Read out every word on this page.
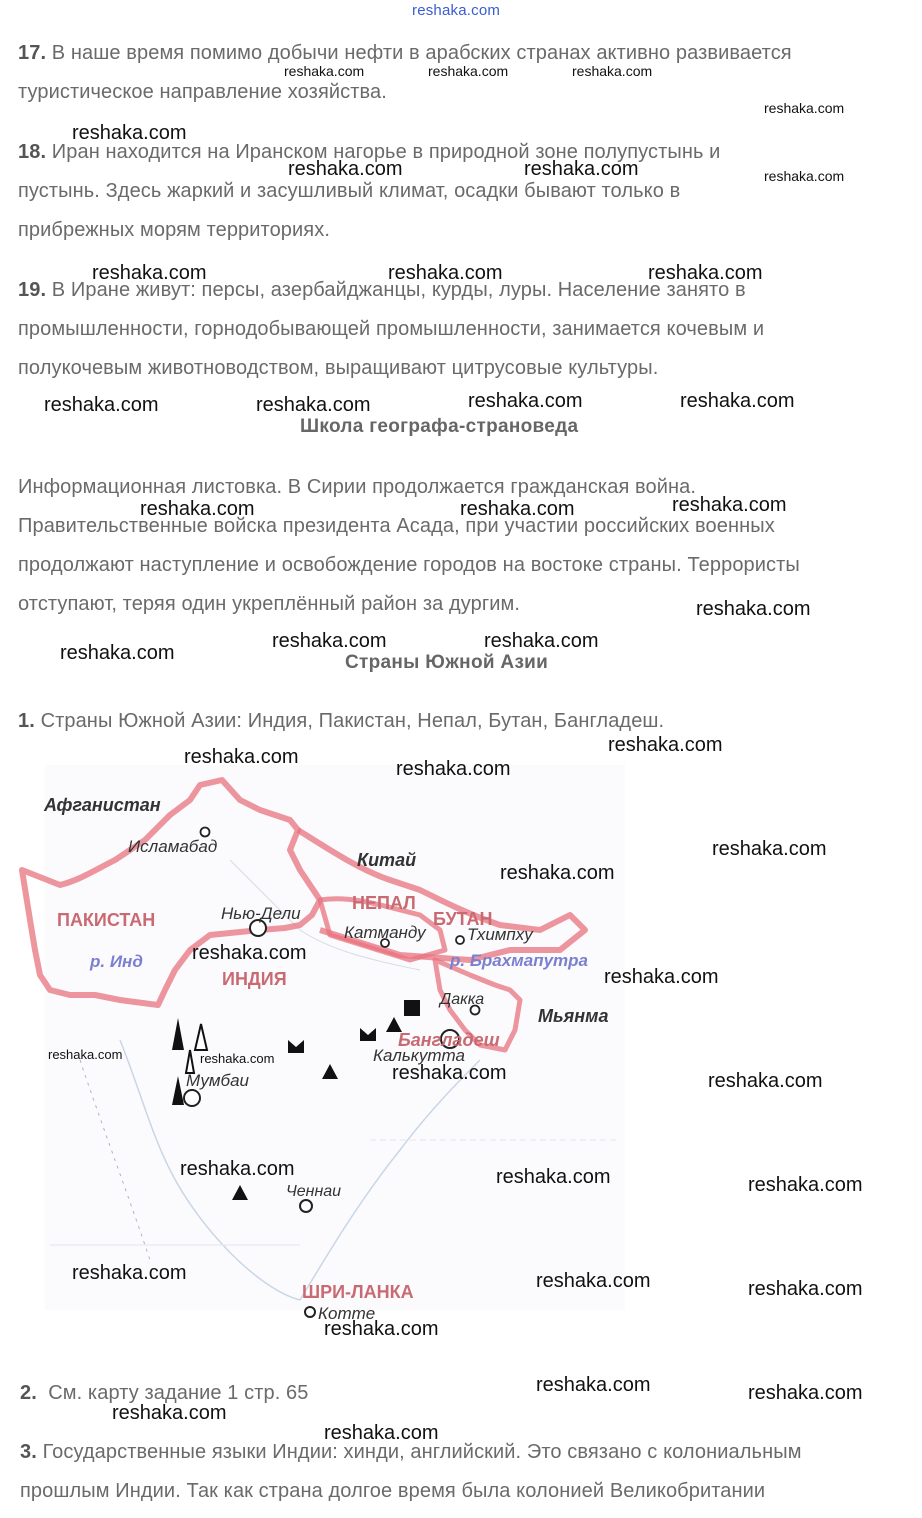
reshaka.com
17. В наше время помимо добычи нефти в арабских странах активно развивается
туристическое направление хозяйства.
18. Иран находится на Иранском нагорье в природной зоне полупустынь и
пустынь. Здесь жаркий и засушливый климат, осадки бывают только в
прибрежных морям территориях.
19. В Иране живут: персы, азербайджанцы, курды, луры. Население занято в
промышленности, горнодобывающей промышленности, занимается кочевым и
полукочевым животноводством, выращивают цитрусовые культуры.
Школа географа-страноведа
Информационная листовка. В Сирии продолжается гражданская война.
Правительственные войска президента Асада, при участии российских военных
продолжают наступление и освобождение городов на востоке страны. Террористы
отступают, теряя один укреплённый район за дургим.
Страны Южной Азии
1. Страны Южной Азии: Индия, Пакистан, Непал, Бутан, Бангладеш.
Афганистан
ПАКИСТАН
Китай
НЕПАЛ
БУТАН
ИНДИЯ
Мьянма
Бангладеш
ШРИ-ЛАНКА
Исламабад
Нью-Дели
Катманду Тхимпху
Дакка
Калькутта
Мумбаи
Ченнаи
Котте
р. Инд	р. Брахмапутра
2. См. карту задание 1 стр. 65
3. Государственные языки Индии: хинди, английский. Это связано с колониальным
прошлым Индии. Так как страна долгое время была колонией Великобритании
reshaka.com	reshaka.com	reshaka.com
reshaka.com
reshaka.com
reshaka.com	reshaka.com	reshaka.com
reshaka.com	reshaka.com	reshaka.com
reshaka.com	reshaka.com	reshaka.com	reshaka.com
reshaka.com	reshaka.com	reshaka.com
reshaka.com
reshaka.com	reshaka.com
reshaka.com
reshaka.com
reshaka.com
reshaka.com
reshaka.com
reshaka.com
reshaka.com
reshaka.com
reshaka.com	reshaka.com
reshaka.com	reshaka.com
reshaka.com	reshaka.com	reshaka.com
reshaka.com	reshaka.com	reshaka.com
reshaka.com
reshaka.com	reshaka.com
reshaka.com
reshaka.com
